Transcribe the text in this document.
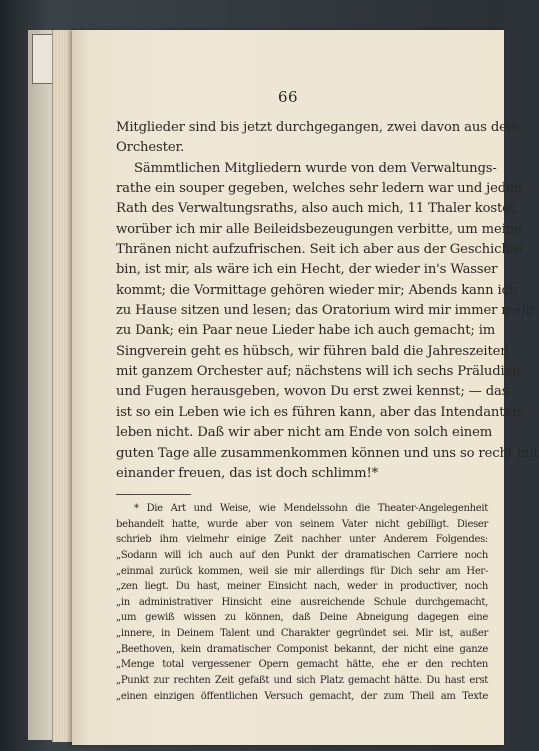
66
Mitglieder sind bis jetzt durchgegangen, zwei davon aus dem
Orchester.
Sämmtlichen Mitgliedern wurde von dem Verwaltungs-
rathe ein souper gegeben, welches sehr ledern war und jeden
Rath des Verwaltungsraths, also auch mich, 11 Thaler kostet,
worüber ich mir alle Beileidsbezeugungen verbitte, um meine
Thränen nicht aufzufrischen. Seit ich aber aus der Geschichte
bin, ist mir, als wäre ich ein Hecht, der wieder in's Wasser
kommt; die Vormittage gehören wieder mir; Abends kann ich
zu Hause sitzen und lesen; das Oratorium wird mir immer mehr
zu Dank; ein Paar neue Lieder habe ich auch gemacht; im
Singverein geht es hübsch, wir führen bald die Jahreszeiten
mit ganzem Orchester auf; nächstens will ich sechs Präludien
und Fugen herausgeben, wovon Du erst zwei kennst; — das
ist so ein Leben wie ich es führen kann, aber das Intendanten-
leben nicht. Daß wir aber nicht am Ende von solch einem
guten Tage alle zusammenkommen können und uns so recht mit
einander freuen, das ist doch schlimm!*
* Die Art und Weise, wie Mendelssohn die Theater-Angelegenheit
behandelt hatte, wurde aber von seinem Vater nicht gebilligt. Dieser
schrieb ihm vielmehr einige Zeit nachher unter Anderem Folgendes:
„Sodann will ich auch auf den Punkt der dramatischen Carriere noch
„einmal zurück kommen, weil sie mir allerdings für Dich sehr am Her-
„zen liegt. Du hast, meiner Einsicht nach, weder in productiver, noch
„in administrativer Hinsicht eine ausreichende Schule durchgemacht,
„um gewiß wissen zu können, daß Deine Abneigung dagegen eine
„innere, in Deinem Talent und Charakter gegründet sei. Mir ist, außer
„Beethoven, kein dramatischer Componist bekannt, der nicht eine ganze
„Menge total vergessener Opern gemacht hätte, ehe er den rechten
„Punkt zur rechten Zeit gefaßt und sich Platz gemacht hätte. Du hast erst
„einen einzigen öffentlichen Versuch gemacht, der zum Theil am Texte
